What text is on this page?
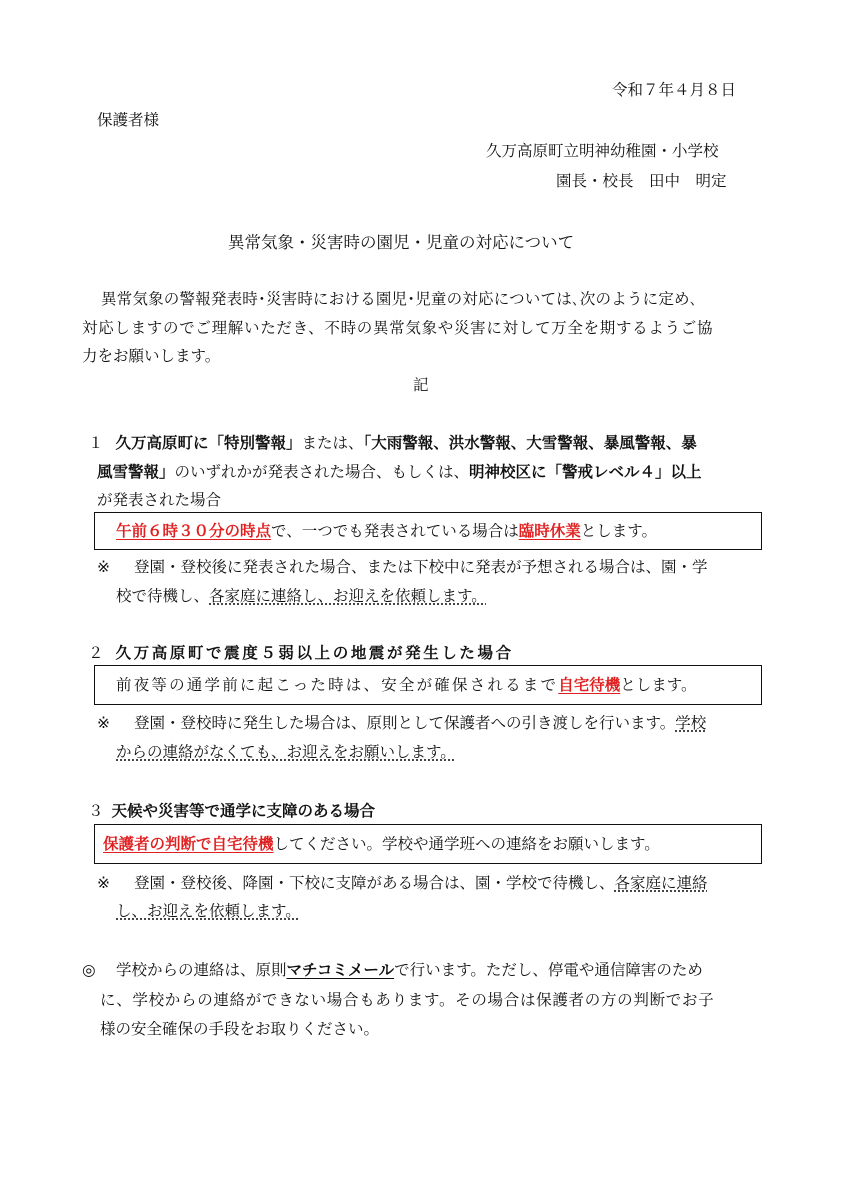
令和７年４月８日
保護者様
久万高原町立明神幼稚園・小学校
園長・校長　田中　明定
異常気象・災害時の園児・児童の対応について
異常気象の警報発表時･災害時における園児･児童の対応については､次のように定め､
対応しますのでご理解いただき、不時の異常気象や災害に対して万全を期するようご協
力をお願いします。
記
１ 久万高原町に「特別警報」または、「大雨警報、洪水警報、大雪警報、暴風警報、暴
風雪警報」のいずれかが発表された場合、もしくは、明神校区に「警戒レベル４」以上
が発表された場合
午前６時３０分の時点で、一つでも発表されている場合は臨時休業とします。
※ 登園・登校後に発表された場合、または下校中に発表が予想される場合は、園・学
校で待機し、各家庭に連絡し、お迎えを依頼します。
２ 久万高原町で震度５弱以上の地震が発生した場合
前夜等の通学前に起こった時は、安全が確保されるまで自宅待機とします。
※ 登園・登校時に発生した場合は、原則として保護者への引き渡しを行います。学校
からの連絡がなくても、お迎えをお願いします。
３ 天候や災害等で通学に支障のある場合
保護者の判断で自宅待機してください。学校や通学班への連絡をお願いします。
※ 登園・登校後、降園・下校に支障がある場合は、園・学校で待機し、各家庭に連絡
し、お迎えを依頼します。
◎ 学校からの連絡は、原則マチコミメールで行います。ただし、停電や通信障害のため
に、学校からの連絡ができない場合もあります。その場合は保護者の方の判断でお子
様の安全確保の手段をお取りください。
